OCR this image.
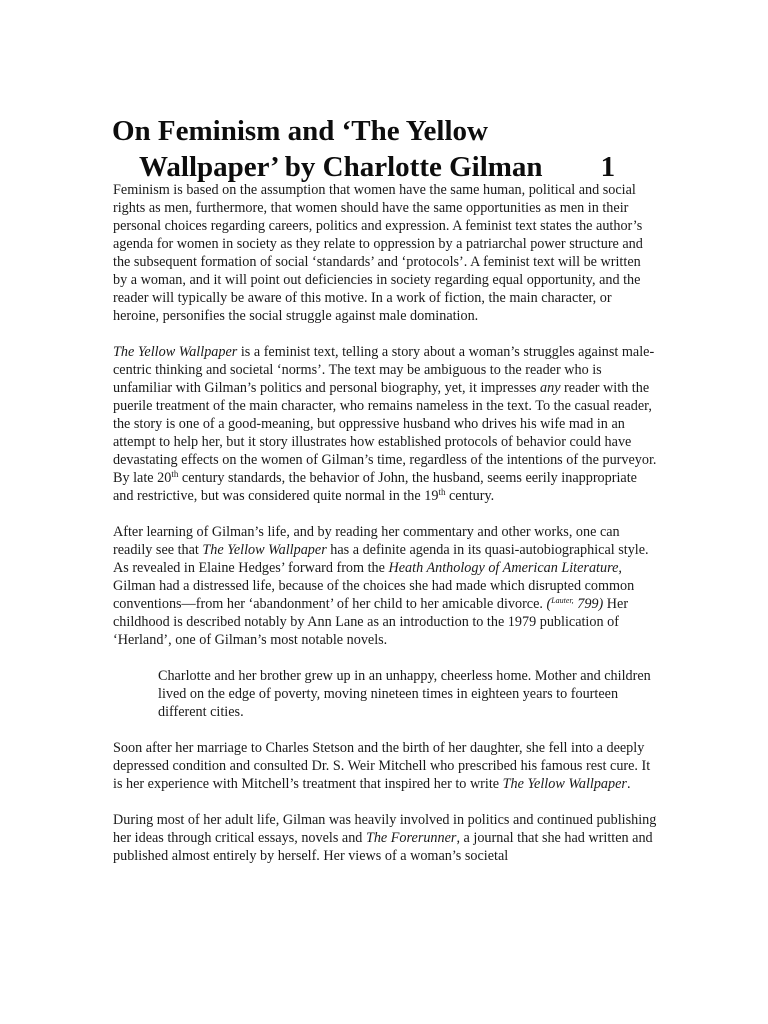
On Feminism and ‘The Yellow
Wallpaper’ by Charlotte Gilman 1

Feminism is based on the assumption that women have the same human, political and social rights as men, furthermore, that women should have the same opportunities as men in their personal choices regarding careers, politics and expression. A feminist text states the author’s agenda for women in society as they relate to oppression by a patriarchal power structure and the subsequent formation of social ‘standards’ and ‘protocols’. A feminist text will be written by a woman, and it will point out deficiencies in society regarding equal opportunity, and the reader will typically be aware of this motive. In a work of fiction, the main character, or heroine, personifies the social struggle against male domination.

The Yellow Wallpaper is a feminist text, telling a story about a woman’s struggles against male-centric thinking and societal ‘norms’. The text may be ambiguous to the reader who is unfamiliar with Gilman’s politics and personal biography, yet, it impresses any reader with the puerile treatment of the main character, who remains nameless in the text. To the casual reader, the story is one of a good-meaning, but oppressive husband who drives his wife mad in an attempt to help her, but it story illustrates how established protocols of behavior could have devastating effects on the women of Gilman’s time, regardless of the intentions of the purveyor. By late 20th century standards, the behavior of John, the husband, seems eerily inappropriate and restrictive, but was considered quite normal in the 19th century.

After learning of Gilman’s life, and by reading her commentary and other works, one can readily see that The Yellow Wallpaper has a definite agenda in its quasi-autobiographical style. As revealed in Elaine Hedges’ forward from the Heath Anthology of American Literature, Gilman had a distressed life, because of the choices she had made which disrupted common conventions—from her ‘abandonment’ of her child to her amicable divorce. ($^{Lauter,}$ 799) Her childhood is described notably by Ann Lane as an introduction to the 1979 publication of ‘Herland’, one of Gilman’s most notable novels.

Charlotte and her brother grew up in an unhappy, cheerless home. Mother and children lived on the edge of poverty, moving nineteen times in eighteen years to fourteen different cities.

Soon after her marriage to Charles Stetson and the birth of her daughter, she fell into a deeply depressed condition and consulted Dr. S. Weir Mitchell who prescribed his famous rest cure. It is her experience with Mitchell’s treatment that inspired her to write The Yellow Wallpaper.

During most of her adult life, Gilman was heavily involved in politics and continued publishing her ideas through critical essays, novels and The Forerunner, a journal that she had written and published almost entirely by herself. Her views of a woman’s societal
